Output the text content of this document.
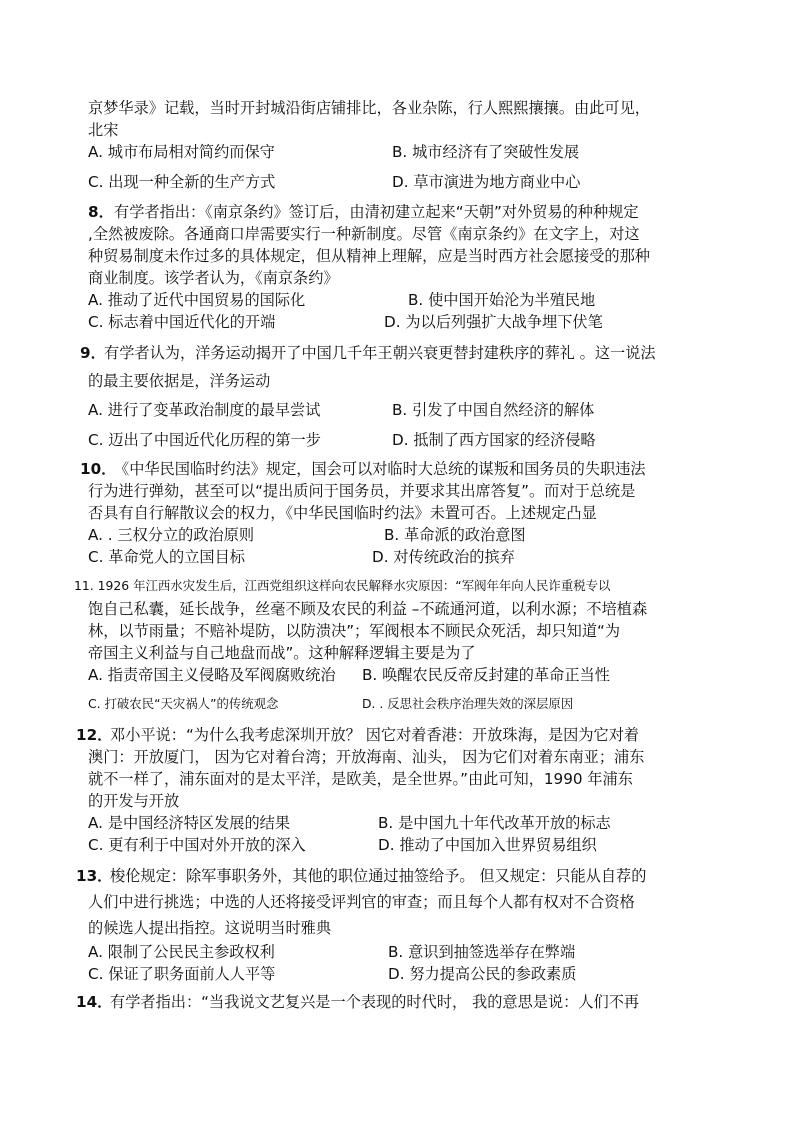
京梦华录》记载，当时开封城沿街店铺排比，各业杂陈，行人熙熙攘攘。由此可见，
北宋
A. 城市布局相对简约而保守	B. 城市经济有了突破性发展
C. 出现一种全新的生产方式	D. 草市演进为地方商业中心
8． 有学者指出：《南京条约》签订后，由清初建立起来“天朝”对外贸易的种种规定
,全然被废除。各通商口岸需要实行一种新制度。尽管《南京条约》在文字上，对这
种贸易制度未作过多的具体规定，但从精神上理解，应是当时西方社会愿接受的那种
商业制度。该学者认为，《南京条约》
A. 推动了近代中国贸易的国际化	B. 使中国开始沦为半殖民地
C. 标志着中国近代化的开端	D. 为以后列强扩大战争埋下伏笔
9．
有学者认为，洋务运动揭开了中国几千年王朝兴衰更替封建秩序的葬礼 。这一说法
的最主要依据是，洋务运动
A. 进行了变革政治制度的最早尝试	B. 引发了中国自然经济的解体
C. 迈出了中国近代化历程的第一步	D. 抵制了西方国家的经济侵略
10．
《中华民国临时约法》规定，国会可以对临时大总统的谋叛和国务员的失职违法
行为进行弹劾，甚至可以“提出质问于国务员，并要求其出席答复”。而对于总统是
否具有自行解散议会的权力，《中华民国临时约法》未置可否。上述规定凸显
A. . 三权分立的政治原则	B. 革命派的政治意图
C. 革命党人的立国目标	D. 对传统政治的摈弃
11. 1926 年江西水灾发生后，江西党组织这样向农民解释水灾原因：“军阀年年向人民诈重税专以
饱自己私囊，延长战争，丝毫不顾及农民的利益 –不疏通河道，以利水源；不培植森
林，以节雨量；不赔补堤防，以防溃决”；军阀根本不顾民众死活，却只知道“为
帝国主义利益与自己地盘而战”。这种解释逻辑主要是为了
A. 指责帝国主义侵略及军阀腐败统治 B. 唤醒农民反帝反封建的革命正当性
C. 打破农民“天灾祸人”的传统观念	D. . 反思社会秩序治理失效的深层原因
12．
邓小平说：“为什么我考虑深圳开放？ 因它对着香港：开放珠海，是因为它对着
澳门：开放厦门， 因为它对着台湾；开放海南、汕头， 因为它们对着东南亚；浦东
就不一样了，浦东面对的是太平洋，是欧美，是全世界。”由此可知，1990 年浦东
的开发与开放
A. 是中国经济特区发展的结果	B. 是中国九十年代改革开放的标志
C. 更有利于中国对外开放的深入	D. 推动了中国加入世界贸易组织
13．
梭伦规定：除军事职务外，其他的职位通过抽签给予。 但又规定：只能从自荐的
人们中进行挑选；中选的人还将接受评判官的审查；而且每个人都有权对不合资格
的候选人提出指控。这说明当时雅典
A. 限制了公民民主参政权利	B. 意识到抽签选举存在弊端
C. 保证了职务面前人人平等	D. 努力提高公民的参政素质
14．
有学者指出：“当我说文艺复兴是一个表现的时代时， 我的意思是说：人们不再
